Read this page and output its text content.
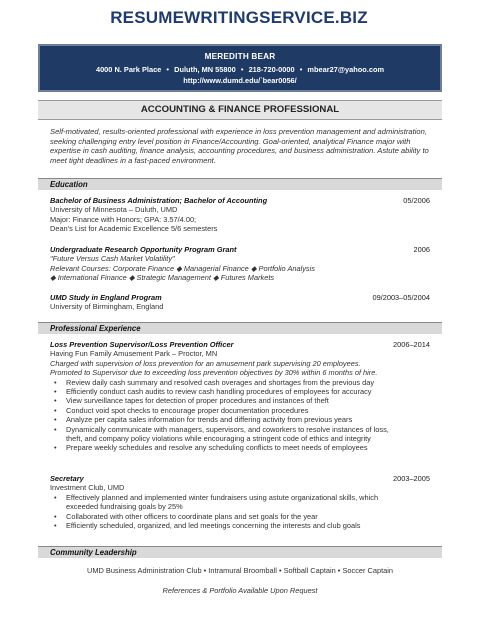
RESUMEWRITINGSERVICE.BIZ
MEREDITH BEAR
4000 N. Park Place  •  Duluth, MN 55800  •  218-720-0000  •  mbear27@yahoo.com
http://www.dumd.edu/`bear0056/
ACCOUNTING & FINANCE PROFESSIONAL
Self-motivated, results-oriented professional with experience in loss prevention management and administration, seeking challenging entry level position in Finance/Accounting. Goal-oriented, analytical Finance major with expertise in cash auditing, finance analysis, accounting procedures, and business administration. Astute ability to meet tight deadlines in a fast-paced environment.
Education
Bachelor of Business Administration; Bachelor of Accounting	05/2006
University of Minnesota – Duluth, UMD
Major: Finance with Honors; GPA: 3.57/4.00;
Dean's List for Academic Excellence 5/6 semesters
Undergraduate Research Opportunity Program Grant	2006
"Future Versus Cash Market Volatility"
Relevant Courses: Corporate Finance ◆ Managerial Finance ◆ Portfolio Analysis
◆ International Finance ◆ Strategic Management ◆ Futures Markets
UMD Study in England Program	09/2003–05/2004
University of Birmingham, England
Professional Experience
Loss Prevention Supervisor/Loss Prevention Officer	2006–2014
Having Fun Family Amusement Park – Proctor, MN
Charged with supervision of loss prevention for an amusement park supervising 20 employees.
Promoted to Supervisor due to exceeding loss prevention objectives by 30% within 6 months of hire.
• Review daily cash summary and resolved cash overages and shortages from the previous day
• Efficiently conduct cash audits to review cash handling procedures of employees for accuracy
• View surveillance tapes for detection of proper procedures and instances of theft
• Conduct void spot checks to encourage proper documentation procedures
• Analyze per capita sales information for trends and differing activity from previous years
• Dynamically communicate with managers, supervisors, and coworkers to resolve instances of loss,
theft, and company policy violations while encouraging a stringent code of ethics and integrity
• Prepare weekly schedules and resolve any scheduling conflicts to meet needs of employees
Secretary	2003–2005
Investment Club, UMD
• Effectively planned and implemented winter fundraisers using astute organizational skills, which
exceeded fundraising goals by 25%
• Collaborated with other officers to coordinate plans and set goals for the year
• Efficiently scheduled, organized, and led meetings concerning the interests and club goals
Community Leadership
UMD Business Administration Club • Intramural Broomball • Softball Captain • Soccer Captain
References & Portfolio Available Upon Request
